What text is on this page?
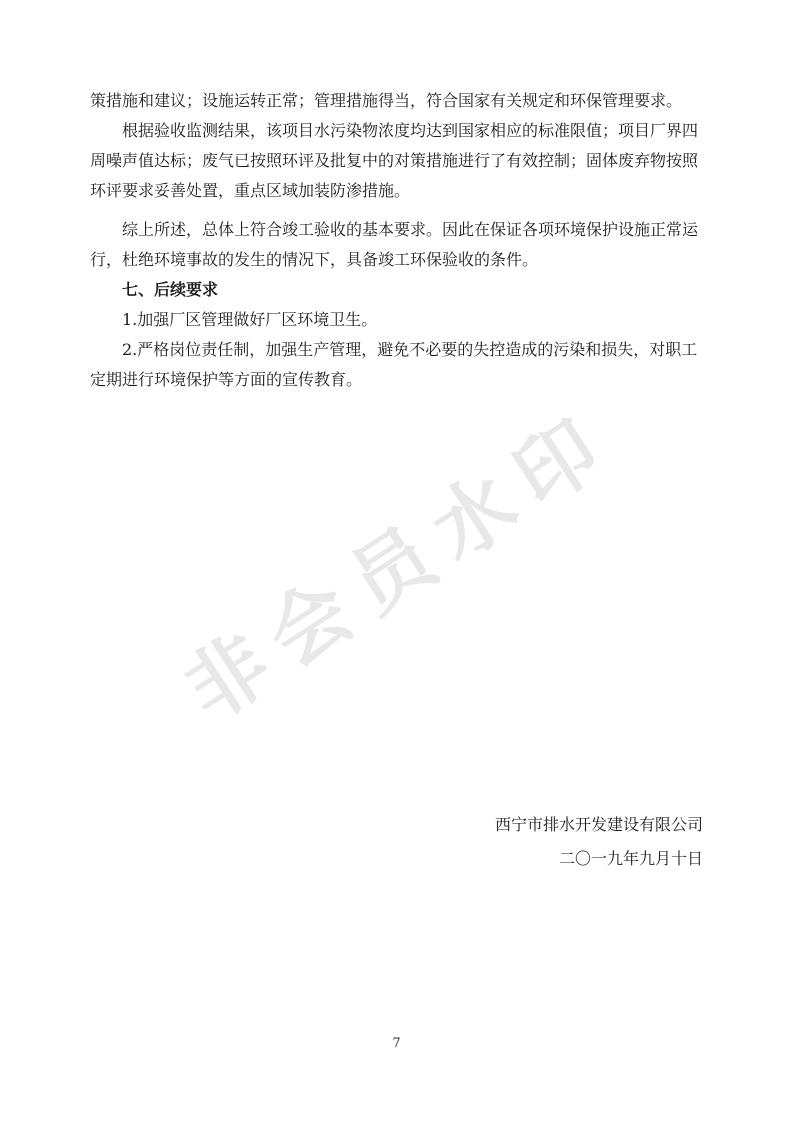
非会员水印
策措施和建议；设施运转正常；管理措施得当，符合国家有关规定和环保管理要求。
根据验收监测结果，该项目水污染物浓度均达到国家相应的标准限值；项目厂界四
周噪声值达标；废气已按照环评及批复中的对策措施进行了有效控制；固体废弃物按照
环评要求妥善处置，重点区域加装防渗措施。
综上所述，总体上符合竣工验收的基本要求。因此在保证各项环境保护设施正常运
行，杜绝环境事故的发生的情况下，具备竣工环保验收的条件。
七、后续要求
1.加强厂区管理做好厂区环境卫生。
2.严格岗位责任制，加强生产管理，避免不必要的失控造成的污染和损失，对职工
定期进行环境保护等方面的宣传教育。
西宁市排水开发建设有限公司
二〇一九年九月十日
7
